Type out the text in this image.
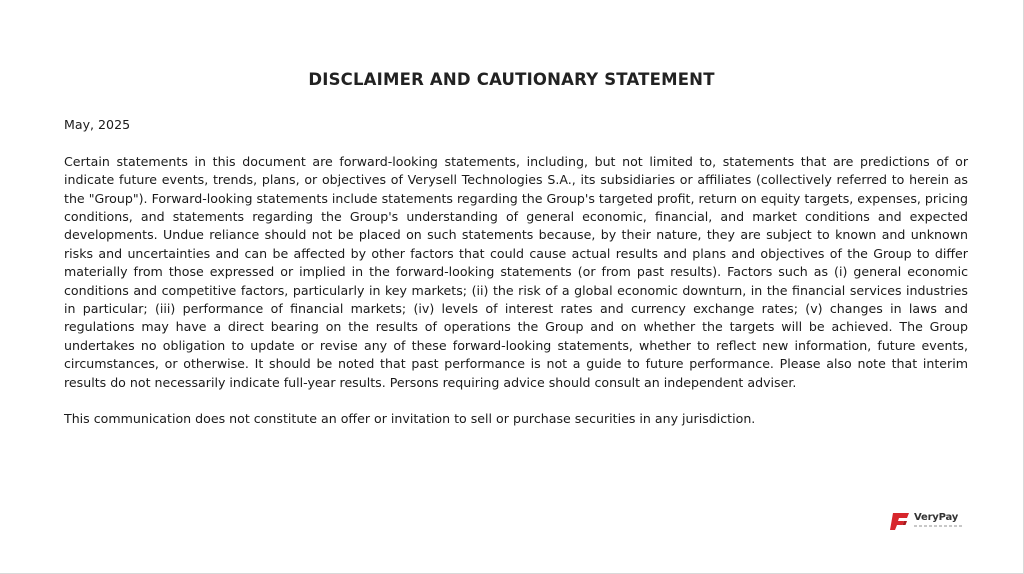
DISCLAIMER AND CAUTIONARY STATEMENT

May, 2025

Certain statements in this document are forward-looking statements, including, but not limited to, statements that are predictions of or indicate future events, trends, plans, or objectives of Verysell Technologies S.A., its subsidiaries or affiliates (collectively referred to herein as the "Group"). Forward-looking statements include statements regarding the Group's targeted profit, return on equity targets, expenses, pricing conditions, and statements regarding the Group's understanding of general economic, financial, and market conditions and expected developments. Undue reliance should not be placed on such statements because, by their nature, they are subject to known and unknown risks and uncertainties and can be affected by other factors that could cause actual results and plans and objectives of the Group to differ materially from those expressed or implied in the forward-looking statements (or from past results). Factors such as (i) general economic conditions and competitive factors, particularly in key markets; (ii) the risk of a global economic downturn, in the financial services industries in particular; (iii) performance of financial markets; (iv) levels of interest rates and currency exchange rates; (v) changes in laws and regulations may have a direct bearing on the results of operations the Group and on whether the targets will be achieved. The Group undertakes no obligation to update or revise any of these forward-looking statements, whether to reflect new information, future events, circumstances, or otherwise. It should be noted that past performance is not a guide to future performance. Please also note that interim results do not necessarily indicate full-year results. Persons requiring advice should consult an independent adviser.

This communication does not constitute an offer or invitation to sell or purchase securities in any jurisdiction.

VeryPay
